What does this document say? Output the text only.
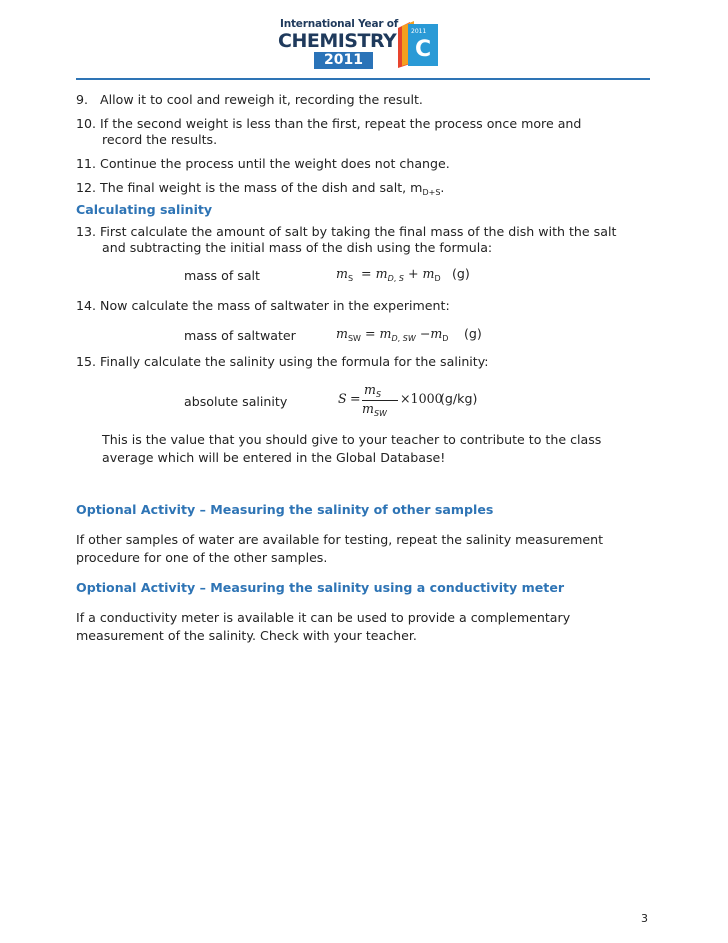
International Year of
CHEMISTRY
2011
2011
C
9. Allow it to cool and reweigh it, recording the result.
10. If the second weight is less than the first, repeat the process once more and
record the results.
11. Continue the process until the weight does not change.
12. The final weight is the mass of the dish and salt, $m_{D+S}$.
Calculating salinity
13. First calculate the amount of salt by taking the final mass of the dish with the salt
and subtracting the initial mass of the dish using the formula:
mass of salt	$m_S = m_{D, S} + m_D$ (g)
14. Now calculate the mass of saltwater in the experiment:
mass of saltwater	$m_{SW} = m_{D, SW} -m_D$ (g)
15. Finally calculate the salinity using the formula for the salinity:
absolute salinity	S =
$m_S$
$m_{SW}$
×1000
(g/kg)
This is the value that you should give to your teacher to contribute to the class
average which will be entered in the Global Database!
Optional Activity – Measuring the salinity of other samples
If other samples of water are available for testing, repeat the salinity measurement
procedure for one of the other samples.
Optional Activity – Measuring the salinity using a conductivity meter
If a conductivity meter is available it can be used to provide a complementary
measurement of the salinity. Check with your teacher.
3
